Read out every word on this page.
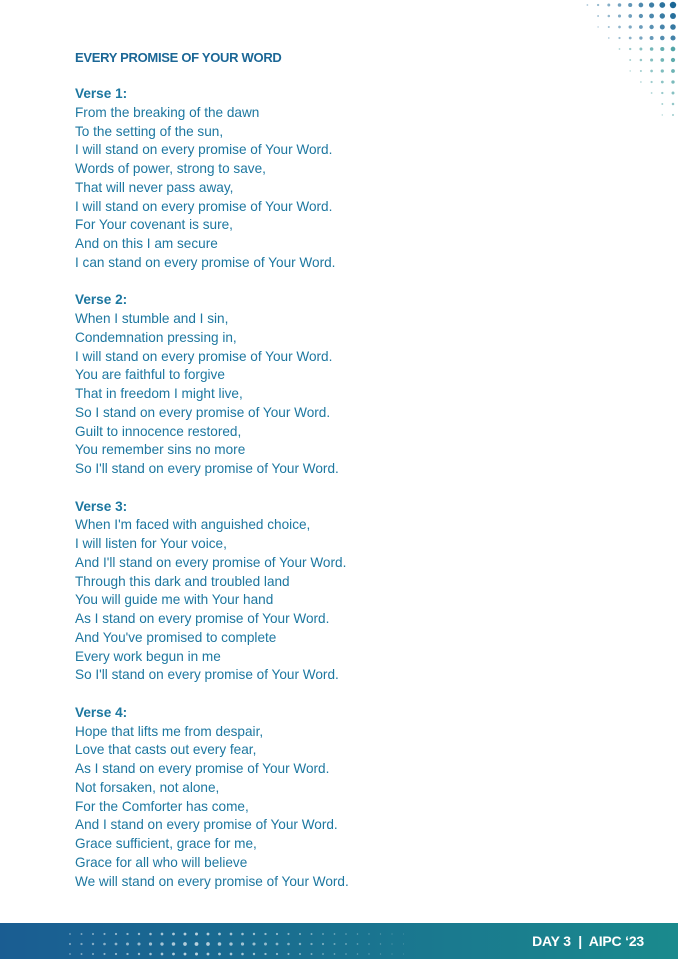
EVERY PROMISE OF YOUR WORD
Verse 1:
From the breaking of the dawn
To the setting of the sun,
I will stand on every promise of Your Word.
Words of power, strong to save,
That will never pass away,
I will stand on every promise of Your Word.
For Your covenant is sure,
And on this I am secure
I can stand on every promise of Your Word.
Verse 2:
When I stumble and I sin,
Condemnation pressing in,
I will stand on every promise of Your Word.
You are faithful to forgive
That in freedom I might live,
So I stand on every promise of Your Word.
Guilt to innocence restored,
You remember sins no more
So I'll stand on every promise of Your Word.
Verse 3:
When I'm faced with anguished choice,
I will listen for Your voice,
And I'll stand on every promise of Your Word.
Through this dark and troubled land
You will guide me with Your hand
As I stand on every promise of Your Word.
And You've promised to complete
Every work begun in me
So I'll stand on every promise of Your Word.
Verse 4:
Hope that lifts me from despair,
Love that casts out every fear,
As I stand on every promise of Your Word.
Not forsaken, not alone,
For the Comforter has come,
And I stand on every promise of Your Word.
Grace sufficient, grace for me,
Grace for all who will believe
We will stand on every promise of Your Word.
DAY 3  |  AIPC ‘23
